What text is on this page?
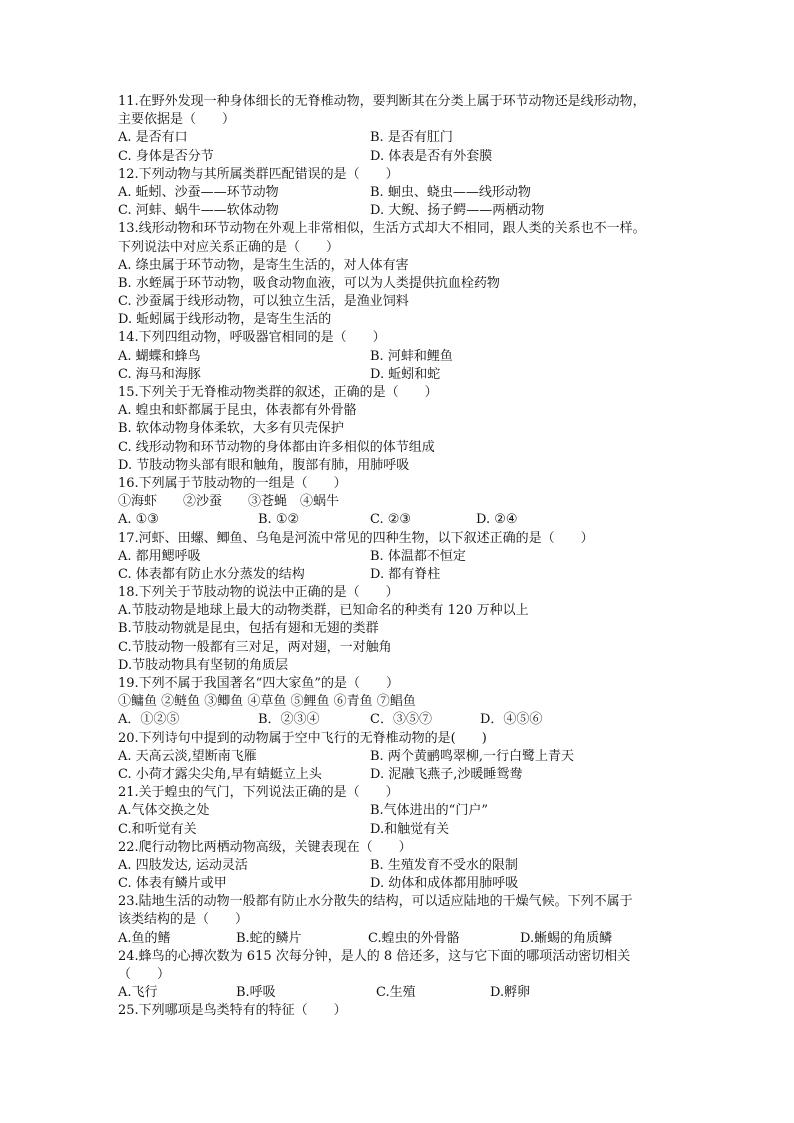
11.在野外发现一种身体细长的无脊椎动物，要判断其在分类上属于环节动物还是线形动物，
主要依据是（　　）
A. 是否有口	B. 是否有肛门
C. 身体是否分节	D. 体表是否有外套膜
12.下列动物与其所属类群匹配错误的是（　　）
A. 蚯蚓、沙蚕——环节动物	B. 蛔虫、蛲虫——线形动物
C. 河蚌、蜗牛——软体动物	D. 大鲵、扬子鳄——两栖动物
13.线形动物和环节动物在外观上非常相似，生活方式却大不相同，跟人类的关系也不一样。
下列说法中对应关系正确的是（　　）
A. 绦虫属于环节动物，是寄生生活的，对人体有害
B. 水蛭属于环节动物，吸食动物血液，可以为人类提供抗血栓药物
C. 沙蚕属于线形动物，可以独立生活，是渔业饲料
D. 蚯蚓属于线形动物，是寄生生活的
14.下列四组动物，呼吸器官相同的是（　　）
A. 蝴蝶和蜂鸟	B. 河蚌和鲤鱼
C. 海马和海豚	D. 蚯蚓和蛇
15.下列关于无脊椎动物类群的叙述，正确的是（　　）
A. 蝗虫和虾都属于昆虫，体表都有外骨骼
B. 软体动物身体柔软，大多有贝壳保护
C. 线形动物和环节动物的身体都由许多相似的体节组成
D. 节肢动物头部有眼和触角，腹部有肺，用肺呼吸
16.下列属于节肢动物的一组是（　　）
①海虾　　②沙蚕　　③苍蝇　④蜗牛
A. ①③	B. ①②	C. ②③	D. ②④
17.河虾、田螺、鲫鱼、乌龟是河流中常见的四种生物，以下叙述正确的是（　　）
A. 都用鳃呼吸	B. 体温都不恒定
C. 体表都有防止水分蒸发的结构	D. 都有脊柱
18.下列关于节肢动物的说法中正确的是（　　）
A.节肢动物是地球上最大的动物类群，已知命名的种类有 120 万种以上
B.节肢动物就是昆虫，包括有翅和无翅的类群
C.节肢动物一般都有三对足，两对翅，一对触角
D.节肢动物具有坚韧的角质层
19.下列不属于我国著名“四大家鱼”的是（　　）
①鳙鱼 ②鲢鱼 ③鲫鱼 ④草鱼 ⑤鲤鱼 ⑥青鱼 ⑦鲳鱼
A．①②⑤	B．②③④	C．③⑤⑦	D．④⑤⑥
20.下列诗句中提到的动物属于空中飞行的无脊椎动物的是(　　)
A. 天高云淡,望断南飞雁	B. 两个黄鹂鸣翠柳,一行白鹭上青天
C. 小荷才露尖尖角,早有蜻蜓立上头	D. 泥融飞燕子,沙暖睡鸳鸯
21.关于蝗虫的气门，下列说法正确的是（　　）
A.气体交换之处	B.气体进出的“门户”
C.和听觉有关	D.和触觉有关
22.爬行动物比两栖动物高级，关键表现在（　　）
A. 四肢发达, 运动灵活	B. 生殖发育不受水的限制
C. 体表有鳞片或甲	D. 幼体和成体都用肺呼吸
23.陆地生活的动物一般都有防止水分散失的结构，可以适应陆地的干燥气候。下列不属于
该类结构的是（　　）
A.鱼的鳍	B.蛇的鳞片	C.蝗虫的外骨骼	D.蜥蜴的角质鳞
24.蜂鸟的心搏次数为 615 次每分钟，是人的 8 倍还多，这与它下面的哪项活动密切相关
（　　）
A.飞行	B.呼吸	C.生殖	D.孵卵
25.下列哪项是鸟类特有的特征（　　）
